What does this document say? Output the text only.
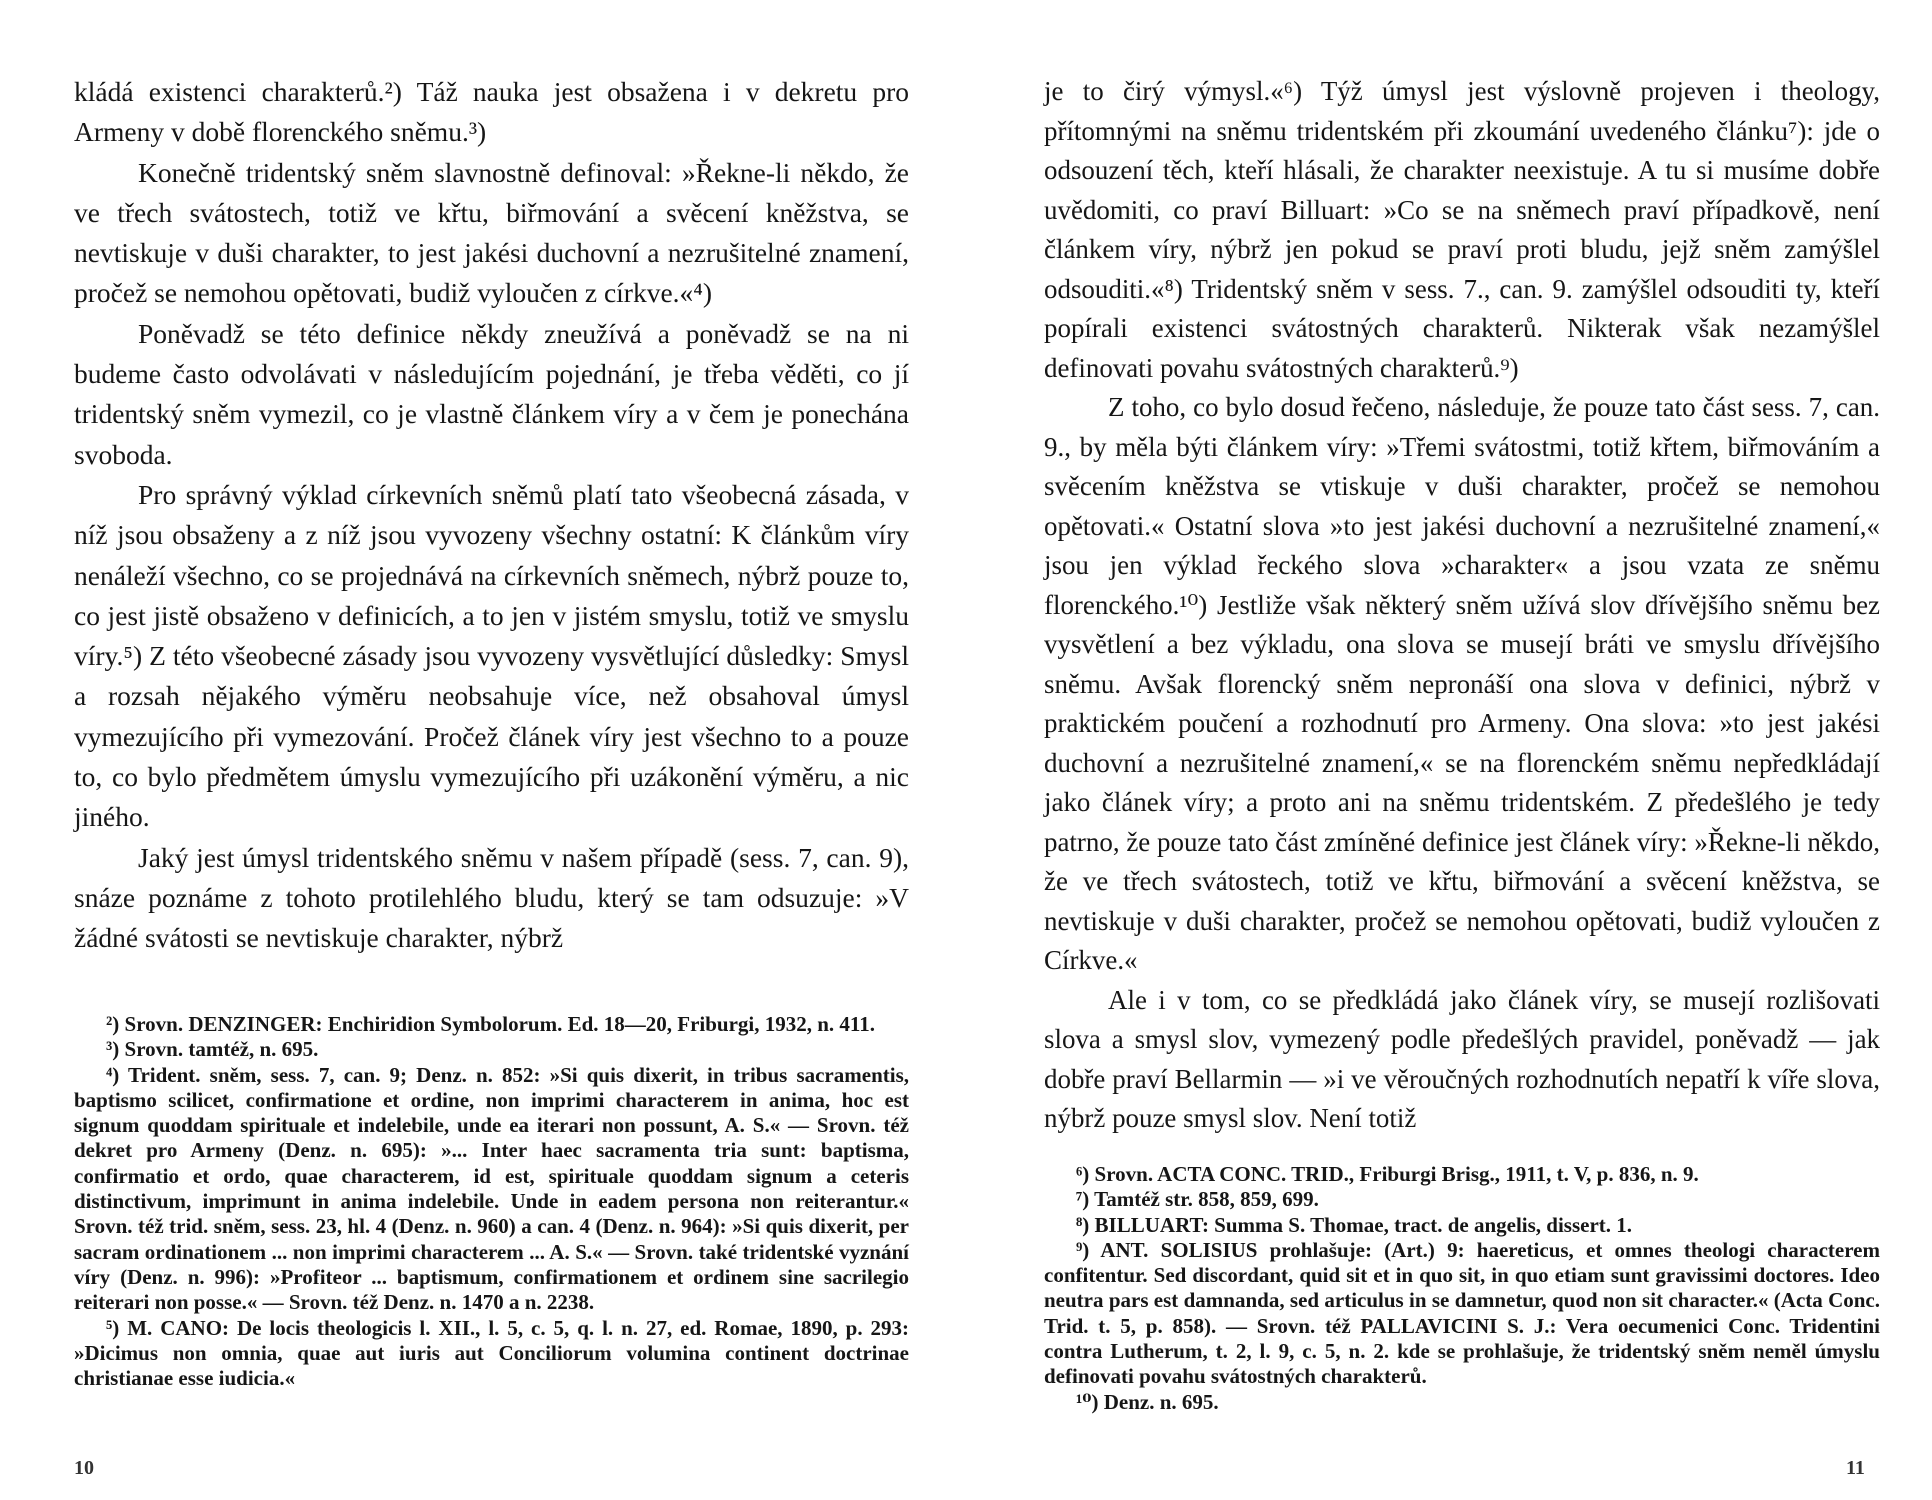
kládá existenci charakterů.²) Táž nauka jest obsažena i v dekretu pro Armeny v době florenckého sněmu.³)

Konečně tridentský sněm slavnostně definoval: »Řekne-li někdo, že ve třech svátostech, totiž ve křtu, biřmování a svěcení kněžstva, se nevtiskuje v duši charakter, to jest jakési duchovní a nezrušitelné znamení, pročež se nemohou opětovati, budiž vyloučen z církve.«⁴)

Poněvadž se této definice někdy zneužívá a poněvadž se na ni budeme často odvolávati v následujícím pojednání, je třeba věděti, co jí tridentský sněm vymezil, co je vlastně článkem víry a v čem je ponechána svoboda.

Pro správný výklad církevních sněmů platí tato všeobecná zásada, v níž jsou obsaženy a z níž jsou vyvozeny všechny ostatní: K článkům víry nenáleží všechno, co se projednává na církevních sněmech, nýbrž pouze to, co jest jistě obsaženo v definicích, a to jen v jistém smyslu, totiž ve smyslu víry.⁵) Z této všeobecné zásady jsou vyvozeny vysvětlující důsledky: Smysl a rozsah nějakého výměru neobsahuje více, než obsahoval úmysl vymezujícího při vymezování. Pročež článek víry jest všechno to a pouze to, co bylo předmětem úmyslu vymezujícího při uzákonění výměru, a nic jiného.

Jaký jest úmysl tridentského sněmu v našem případě (sess. 7, can. 9), snáze poznáme z tohoto protilehlého bludu, který se tam odsuzuje: »V žádné svátosti se nevtiskuje charakter, nýbrž

²) Srovn. DENZINGER: Enchiridion Symbolorum. Ed. 18—20, Friburgi, 1932, n. 411.

³) Srovn. tamtéž, n. 695.

⁴) Trident. sněm, sess. 7, can. 9; Denz. n. 852: »Si quis dixerit, in tribus sacramentis, baptismo scilicet, confirmatione et ordine, non imprimi characterem in anima, hoc est signum quoddam spirituale et indelebile, unde ea iterari non possunt, A. S.« — Srovn. též dekret pro Armeny (Denz. n. 695): »... Inter haec sacramenta tria sunt: baptisma, confirmatio et ordo, quae characterem, id est, spirituale quoddam signum a ceteris distinctivum, imprimunt in anima indelebile. Unde in eadem persona non reiterantur.« Srovn. též trid. sněm, sess. 23, hl. 4 (Denz. n. 960) a can. 4 (Denz. n. 964): »Si quis dixerit, per sacram ordinationem ... non imprimi characterem ... A. S.« — Srovn. také tridentské vyznání víry (Denz. n. 996): »Profiteor ... baptismum, confirmationem et ordinem sine sacrilegio reiterari non posse.« — Srovn. též Denz. n. 1470 a n. 2238.

⁵) M. CANO: De locis theologicis l. XII., l. 5, c. 5, q. l. n. 27, ed. Romae, 1890, p. 293: »Dicimus non omnia, quae aut iuris aut Conciliorum volumina continent doctrinae christianae esse iudicia.«

10

je to čirý výmysl.«⁶) Týž úmysl jest výslovně projeven i theology, přítomnými na sněmu tridentském při zkoumání uvedeného článku⁷): jde o odsouzení těch, kteří hlásali, že charakter neexistuje. A tu si musíme dobře uvědomiti, co praví Billuart: »Co se na sněmech praví případkově, není článkem víry, nýbrž jen pokud se praví proti bludu, jejž sněm zamýšlel odsouditi.«⁸) Tridentský sněm v sess. 7., can. 9. zamýšlel odsouditi ty, kteří popírali existenci svátostných charakterů. Nikterak však nezamýšlel definovati povahu svátostných charakterů.⁹)

Z toho, co bylo dosud řečeno, následuje, že pouze tato část sess. 7, can. 9., by měla býti článkem víry: »Třemi svátostmi, totiž křtem, biřmováním a svěcením kněžstva se vtiskuje v duši charakter, pročež se nemohou opětovati.« Ostatní slova »to jest jakési duchovní a nezrušitelné znamení,« jsou jen výklad řeckého slova »charakter« a jsou vzata ze sněmu florenckého.¹⁰) Jestliže však některý sněm užívá slov dřívějšího sněmu bez vysvětlení a bez výkladu, ona slova se musejí bráti ve smyslu dřívějšího sněmu. Avšak florencký sněm nepronáší ona slova v definici, nýbrž v praktickém poučení a rozhodnutí pro Armeny. Ona slova: »to jest jakési duchovní a nezrušitelné znamení,« se na florenckém sněmu nepředkládají jako článek víry; a proto ani na sněmu tridentském. Z předešlého je tedy patrno, že pouze tato část zmíněné definice jest článek víry: »Řekne-li někdo, že ve třech svátostech, totiž ve křtu, biřmování a svěcení kněžstva, se nevtiskuje v duši charakter, pročež se nemohou opětovati, budiž vyloučen z Církve.«

Ale i v tom, co se předkládá jako článek víry, se musejí rozlišovati slova a smysl slov, vymezený podle předešlých pravidel, poněvadž — jak dobře praví Bellarmin — »i ve věroučných rozhodnutích nepatří k víře slova, nýbrž pouze smysl slov. Není totiž

⁶) Srovn. ACTA CONC. TRID., Friburgi Brisg., 1911, t. V, p. 836, n. 9.

⁷) Tamtéž str. 858, 859, 699.

⁸) BILLUART: Summa S. Thomae, tract. de angelis, dissert. 1.

⁹) ANT. SOLISIUS prohlašuje: (Art.) 9: haereticus, et omnes theologi characterem confitentur. Sed discordant, quid sit et in quo sit, in quo etiam sunt gravissimi doctores. Ideo neutra pars est damnanda, sed articulus in se damnetur, quod non sit character.« (Acta Conc. Trid. t. 5, p. 858). — Srovn. též PALLAVICINI S. J.: Vera oecumenici Conc. Tridentini contra Lutherum, t. 2, l. 9, c. 5, n. 2. kde se prohlašuje, že tridentský sněm neměl úmyslu definovati povahu svátostných charakterů.

¹⁰) Denz. n. 695.

11
